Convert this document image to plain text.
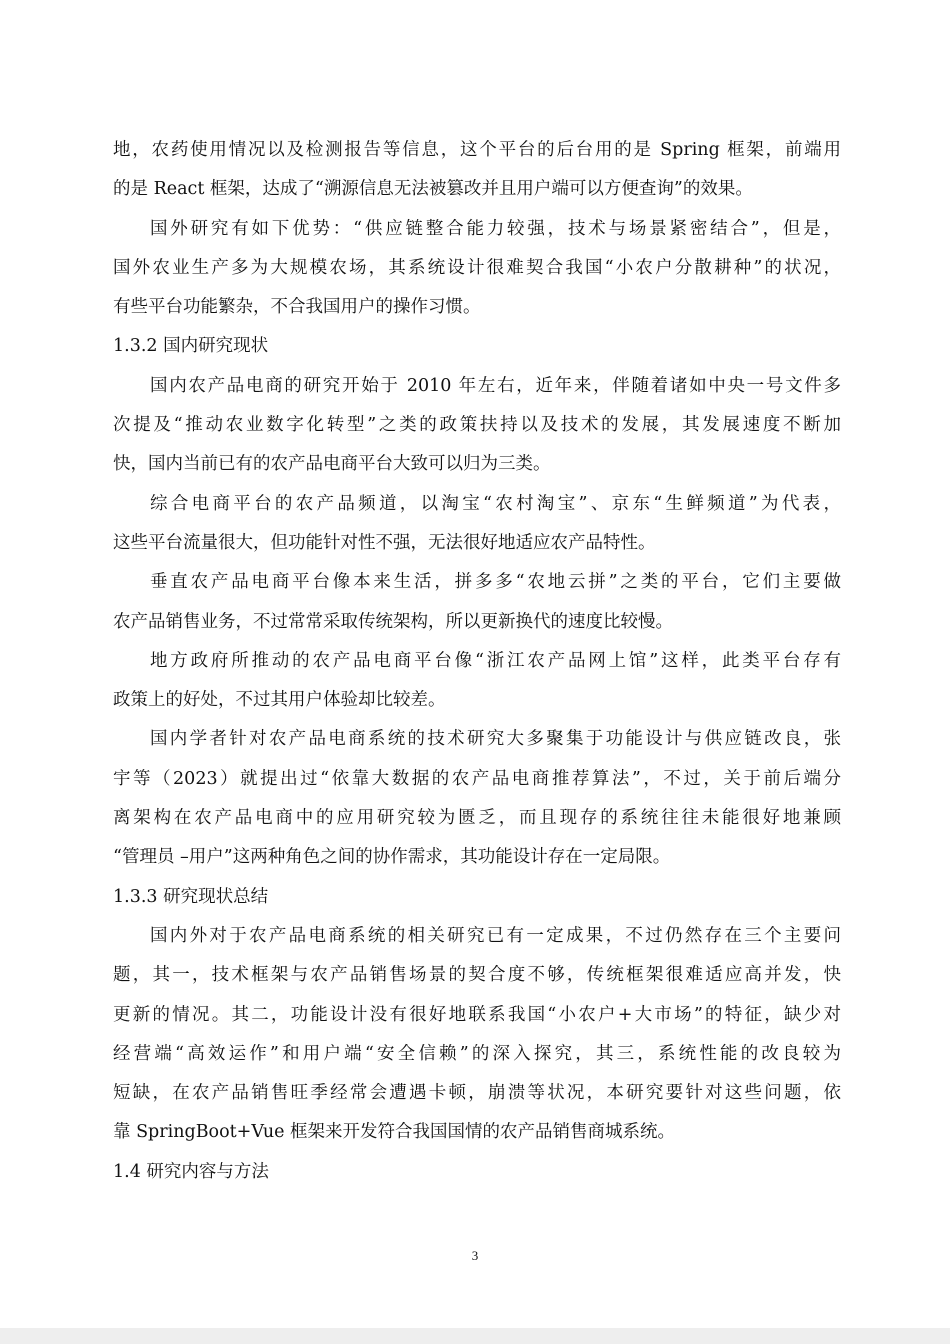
地，农药使用情况以及检测报告等信息，这个平台的后台用的是 Spring 框架，前端用
的是 React 框架，达成了“溯源信息无法被篡改并且用户端可以方便查询”的效果。
国外研究有如下优势：“供应链整合能力较强，技术与场景紧密结合”，但是，
国外农业生产多为大规模农场，其系统设计很难契合我国“小农户分散耕种”的状况，
有些平台功能繁杂，不合我国用户的操作习惯。
1.3.2 国内研究现状
国内农产品电商的研究开始于 2010 年左右，近年来，伴随着诸如中央一号文件多
次提及“推动农业数字化转型”之类的政策扶持以及技术的发展，其发展速度不断加
快，国内当前已有的农产品电商平台大致可以归为三类。
综合电商平台的农产品频道，以淘宝“农村淘宝”、京东“生鲜频道”为代表，
这些平台流量很大，但功能针对性不强，无法很好地适应农产品特性。
垂直农产品电商平台像本来生活，拼多多“农地云拼”之类的平台，它们主要做
农产品销售业务，不过常常采取传统架构，所以更新换代的速度比较慢。
地方政府所推动的农产品电商平台像“浙江农产品网上馆”这样，此类平台存有
政策上的好处，不过其用户体验却比较差。
国内学者针对农产品电商系统的技术研究大多聚集于功能设计与供应链改良，张
宇等（2023）就提出过“依靠大数据的农产品电商推荐算法”，不过，关于前后端分
离架构在农产品电商中的应用研究较为匮乏，而且现存的系统往往未能很好地兼顾
“管理员 –用户”这两种角色之间的协作需求，其功能设计存在一定局限。
1.3.3 研究现状总结
国内外对于农产品电商系统的相关研究已有一定成果，不过仍然存在三个主要问
题，其一，技术框架与农产品销售场景的契合度不够，传统框架很难适应高并发，快
更新的情况。其二，功能设计没有很好地联系我国“小农户+大市场”的特征，缺少对
经营端“高效运作”和用户端“安全信赖”的深入探究，其三，系统性能的改良较为
短缺，在农产品销售旺季经常会遭遇卡顿，崩溃等状况，本研究要针对这些问题，依
靠 SpringBoot+Vue 框架来开发符合我国国情的农产品销售商城系统。
1.4 研究内容与方法
3
